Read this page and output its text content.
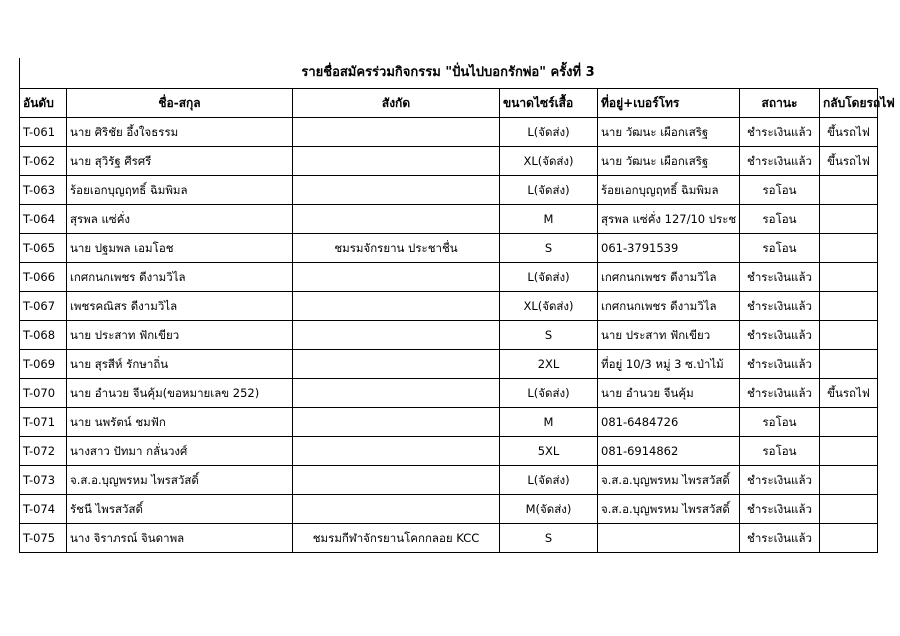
รายชื่อสมัครร่วมกิจกรรม "ปั่นไปบอกรักพ่อ" ครั้งที่ 3
อันดับ	ชื่อ-สกุล	สังกัด	ขนาดไซร์เสื้อ	ที่อยู่+เบอร์โทร	สถานะ	กลับโดยรถไฟ
T-061	นาย ศิริชัย อึ้งใจธรรม		L(จัดส่ง)	นาย วัฒนะ เผือกเสริฐ	ชำระเงินแล้ว	ขึ้นรถไฟ
T-062	นาย สุวิรัฐ ศีรศรี		XL(จัดส่ง)	นาย วัฒนะ เผือกเสริฐ	ชำระเงินแล้ว	ขึ้นรถไฟ
T-063	ร้อยเอกบุญฤทธิ์ ฉิมพิมล		L(จัดส่ง)	ร้อยเอกบุญฤทธิ์ ฉิมพิมล	รอโอน	
T-064	สุรพล แซ่คั่ง		M	สุรพล แซ่คั่ง 127/10 ประช	รอโอน	
T-065	นาย ปฐมพล เอมโอช	ชมรมจักรยาน ประชาชื่น	S	061-3791539	รอโอน	
T-066	เกศกนกเพชร ดีงามวิไล		L(จัดส่ง)	เกศกนกเพชร ดีงามวิไล	ชำระเงินแล้ว	
T-067	เพชรคณิสร ดีงามวิไล		XL(จัดส่ง)	เกศกนกเพชร ดีงามวิไล	ชำระเงินแล้ว	
T-068	นาย ประสาท ฟักเขียว		S	นาย ประสาท ฟักเขียว	ชำระเงินแล้ว	
T-069	นาย สุรสีห์ รักษาถิ่น		2XL	ที่อยู่ 10/3 หมู่ 3 ซ.ป่าไม้	ชำระเงินแล้ว	
T-070	นาย อำนวย จีนคุ้ม(ขอหมายเลข 252)		L(จัดส่ง)	นาย อำนวย จีนคุ้ม	ชำระเงินแล้ว	ขึ้นรถไฟ
T-071	นาย นพรัตน์ ชมฟัก		M	081-6484726	รอโอน	
T-072	นางสาว ปัทมา กลั่นวงศ์		5XL	081-6914862	รอโอน	
T-073	จ.ส.อ.บุญพรหม ไพรสวัสดิ์		L(จัดส่ง)	จ.ส.อ.บุญพรหม ไพรสวัสดิ์	ชำระเงินแล้ว	
T-074	รัชนี ไพรสวัสดิ์		M(จัดส่ง)	จ.ส.อ.บุญพรหม ไพรสวัสดิ์	ชำระเงินแล้ว	
T-075	นาง จิราภรณ์ จินดาพล	ชมรมกีฬาจักรยานโคกกลอย KCC	S		ชำระเงินแล้ว	
